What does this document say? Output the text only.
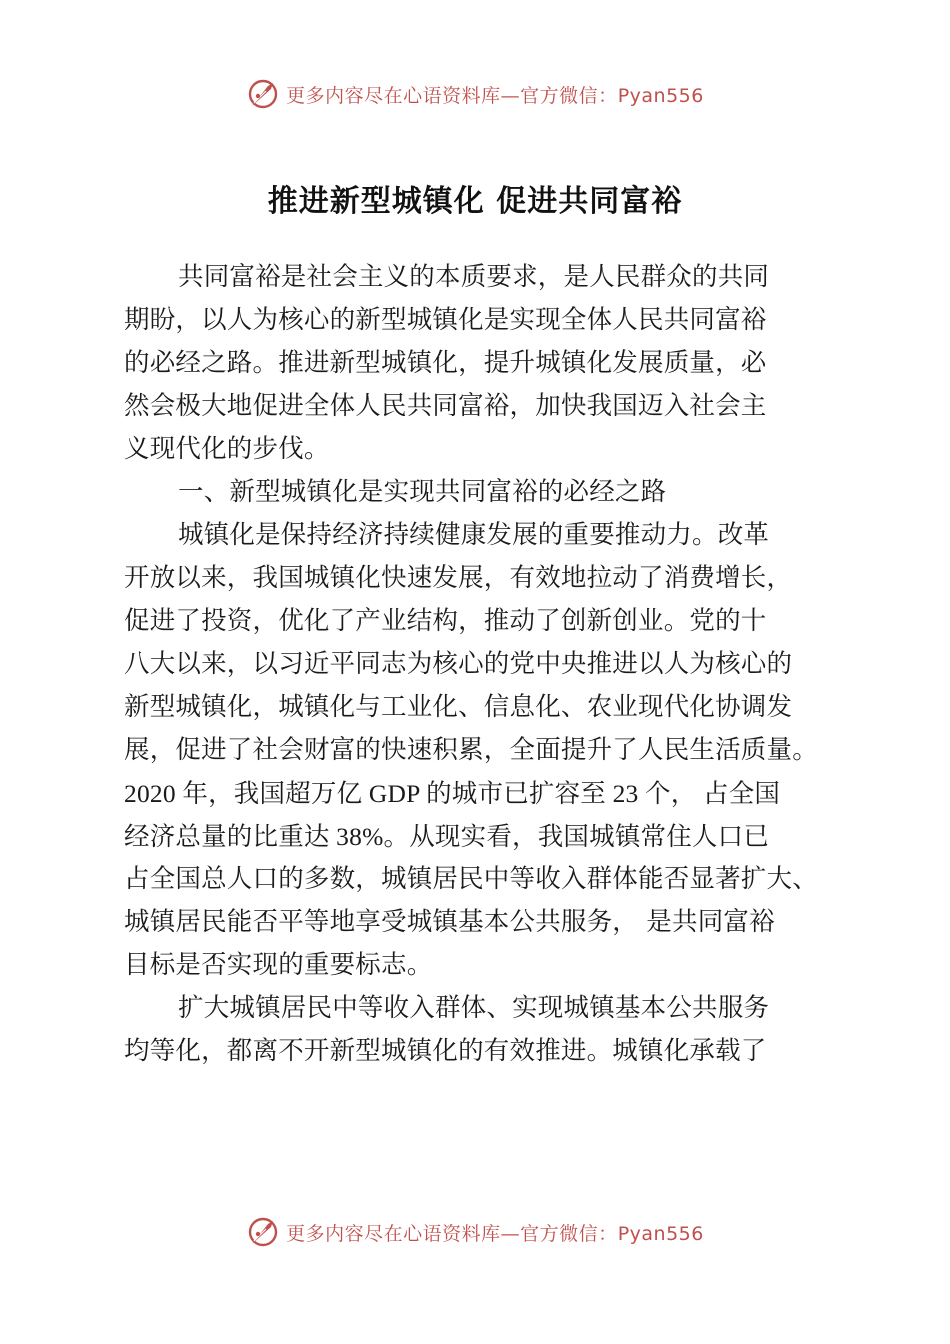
更多内容尽在心语资料库—官方微信：Pyan556
推进新型城镇化 促进共同富裕
共同富裕是社会主义的本质要求，是人民群众的共同
期盼，以人为核心的新型城镇化是实现全体人民共同富裕
的必经之路。推进新型城镇化，提升城镇化发展质量，必
然会极大地促进全体人民共同富裕，加快我国迈入社会主
义现代化的步伐。
一、新型城镇化是实现共同富裕的必经之路
城镇化是保持经济持续健康发展的重要推动力。改革
开放以来，我国城镇化快速发展，有效地拉动了消费增长，
促进了投资，优化了产业结构，推动了创新创业。党的十
八大以来，以习近平同志为核心的党中央推进以人为核心的
新型城镇化，城镇化与工业化、信息化、农业现代化协调发
展，促进了社会财富的快速积累，全面提升了人民生活质量。
2020 年，我国超万亿 GDP 的城市已扩容至 23 个， 占全国
经济总量的比重达 38%。从现实看，我国城镇常住人口已
占全国总人口的多数，城镇居民中等收入群体能否显著扩大、
城镇居民能否平等地享受城镇基本公共服务， 是共同富裕
目标是否实现的重要标志。
扩大城镇居民中等收入群体、实现城镇基本公共服务
均等化，都离不开新型城镇化的有效推进。城镇化承载了
更多内容尽在心语资料库—官方微信：Pyan556
